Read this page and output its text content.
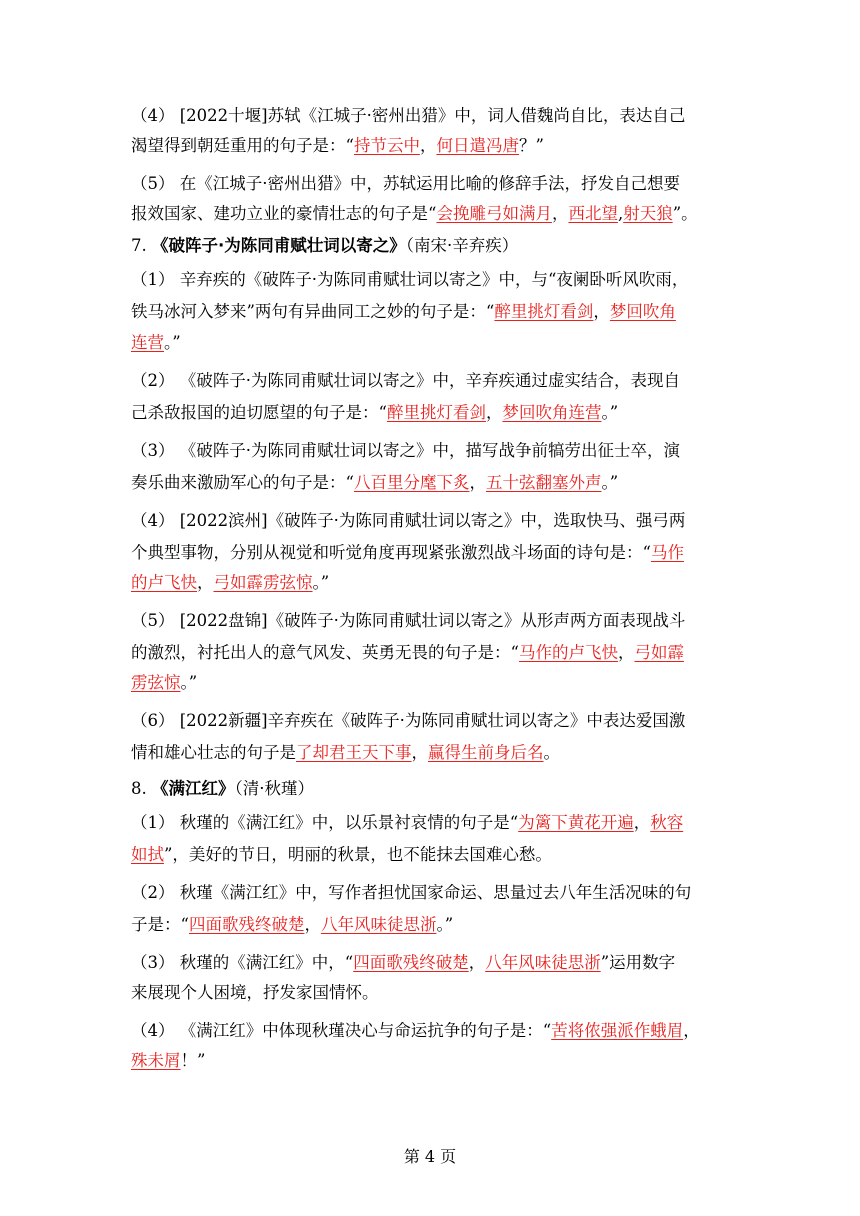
（4） [2022十堰]苏轼《江城子·密州出猎》中，词人借魏尚自比，表达自己
渴望得到朝廷重用的句子是：“持节云中，何日遣冯唐？”
（5） 在《江城子·密州出猎》中，苏轼运用比喻的修辞手法，抒发自己想要
报效国家、建功立业的豪情壮志的句子是“会挽雕弓如满月，西北望,射天狼”。
7. 《破阵子·为陈同甫赋壮词以寄之》（南宋·辛弃疾）
（1） 辛弃疾的《破阵子·为陈同甫赋壮词以寄之》中，与“夜阑卧听风吹雨，
铁马冰河入梦来”两句有异曲同工之妙的句子是：“醉里挑灯看剑，梦回吹角
连营。”
（2） 《破阵子·为陈同甫赋壮词以寄之》中，辛弃疾通过虚实结合，表现自
己杀敌报国的迫切愿望的句子是：“醉里挑灯看剑，梦回吹角连营。”
（3） 《破阵子·为陈同甫赋壮词以寄之》中，描写战争前犒劳出征士卒，演
奏乐曲来激励军心的句子是：“八百里分麾下炙，五十弦翻塞外声。”
（4） [2022滨州]《破阵子·为陈同甫赋壮词以寄之》中，选取快马、强弓两
个典型事物，分别从视觉和听觉角度再现紧张激烈战斗场面的诗句是：“马作
的卢飞快，弓如霹雳弦惊。”
（5） [2022盘锦]《破阵子·为陈同甫赋壮词以寄之》从形声两方面表现战斗
的激烈，衬托出人的意气风发、英勇无畏的句子是：“马作的卢飞快，弓如霹
雳弦惊。”
（6） [2022新疆]辛弃疾在《破阵子·为陈同甫赋壮词以寄之》中表达爱国激
情和雄心壮志的句子是了却君王天下事，赢得生前身后名。
8. 《满江红》（清·秋瑾）
（1） 秋瑾的《满江红》中，以乐景衬哀情的句子是“为篱下黄花开遍，秋容
如拭”，美好的节日，明丽的秋景，也不能抹去国难心愁。
（2） 秋瑾《满江红》中，写作者担忧国家命运、思量过去八年生活况味的句
子是：“四面歌残终破楚，八年风味徒思浙。”
（3） 秋瑾的《满江红》中，“四面歌残终破楚，八年风味徒思浙”运用数字
来展现个人困境，抒发家国情怀。
（4） 《满江红》中体现秋瑾决心与命运抗争的句子是：“苦将侬强派作蛾眉，
殊未屑！”
第 4 页
